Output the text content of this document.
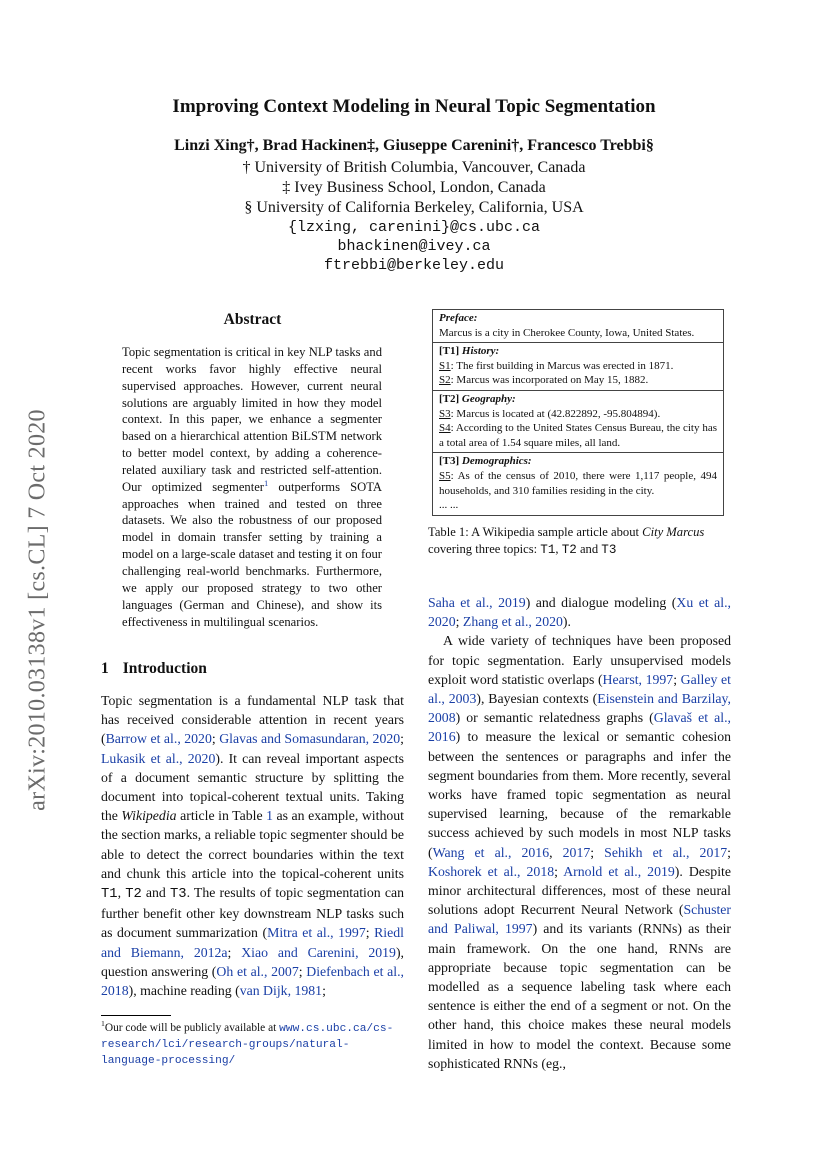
Improving Context Modeling in Neural Topic Segmentation
Linzi Xing†, Brad Hackinen‡, Giuseppe Carenini†, Francesco Trebbi§
† University of British Columbia, Vancouver, Canada
‡ Ivey Business School, London, Canada
§ University of California Berkeley, California, USA
{lzxing, carenini}@cs.ubc.ca
bhackinen@ivey.ca
ftrebbi@berkeley.edu
arXiv:2010.03138v1 [cs.CL] 7 Oct 2020
Abstract
Topic segmentation is critical in key NLP tasks and recent works favor highly effective neural supervised approaches. However, current neural solutions are arguably limited in how they model context. In this paper, we enhance a segmenter based on a hierarchical attention BiLSTM network to better model context, by adding a coherence-related auxiliary task and restricted self-attention. Our optimized segmenter$^1$ outperforms SOTA approaches when trained and tested on three datasets. We also the robustness of our proposed model in domain transfer setting by training a model on a large-scale dataset and testing it on four challenging real-world benchmarks. Furthermore, we apply our proposed strategy to two other languages (German and Chinese), and show its effectiveness in multilingual scenarios.
1 Introduction

Topic segmentation is a fundamental NLP task that has received considerable attention in recent years (Barrow et al., 2020; Glavas and Somasundaran, 2020; Lukasik et al., 2020). It can reveal important aspects of a document semantic structure by splitting the document into topical-coherent textual units. Taking the Wikipedia article in Table 1 as an example, without the section marks, a reliable topic segmenter should be able to detect the correct boundaries within the text and chunk this article into the topical-coherent units T1, T2 and T3. The results of topic segmentation can further benefit other key downstream NLP tasks such as document summarization (Mitra et al., 1997; Riedl and Biemann, 2012a; Xiao and Carenini, 2019), question answering (Oh et al., 2007; Diefenbach et al., 2018), machine reading (van Dijk, 1981;

$^1$Our code will be publicly available at www.cs.ubc.ca/cs-research/lci/research-groups/natural-language-processing/
Preface:
Marcus is a city in Cherokee County, Iowa, United States.
[T1] History:
S1: The first building in Marcus was erected in 1871.
S2: Marcus was incorporated on May 15, 1882.
[T2] Geography:
S3: Marcus is located at (42.822892, -95.804894).
S4: According to the United States Census Bureau, the city has a total area of 1.54 square miles, all land.
[T3] Demographics:
S5: As of the census of 2010, there were 1,117 people, 494 households, and 310 families residing in the city.
... ...
Table 1: A Wikipedia sample article about City Marcus covering three topics: T1, T2 and T3

Saha et al., 2019) and dialogue modeling (Xu et al., 2020; Zhang et al., 2020).

A wide variety of techniques have been proposed for topic segmentation. Early unsupervised models exploit word statistic overlaps (Hearst, 1997; Galley et al., 2003), Bayesian contexts (Eisenstein and Barzilay, 2008) or semantic relatedness graphs (Glavaš et al., 2016) to measure the lexical or semantic cohesion between the sentences or paragraphs and infer the segment boundaries from them. More recently, several works have framed topic segmentation as neural supervised learning, because of the remarkable success achieved by such models in most NLP tasks (Wang et al., 2016, 2017; Sehikh et al., 2017; Koshorek et al., 2018; Arnold et al., 2019). Despite minor architectural differences, most of these neural solutions adopt Recurrent Neural Network (Schuster and Paliwal, 1997) and its variants (RNNs) as their main framework. On the one hand, RNNs are appropriate because topic segmentation can be modelled as a sequence labeling task where each sentence is either the end of a segment or not. On the other hand, this choice makes these neural models limited in how to model the context. Because some sophisticated RNNs (eg.,
